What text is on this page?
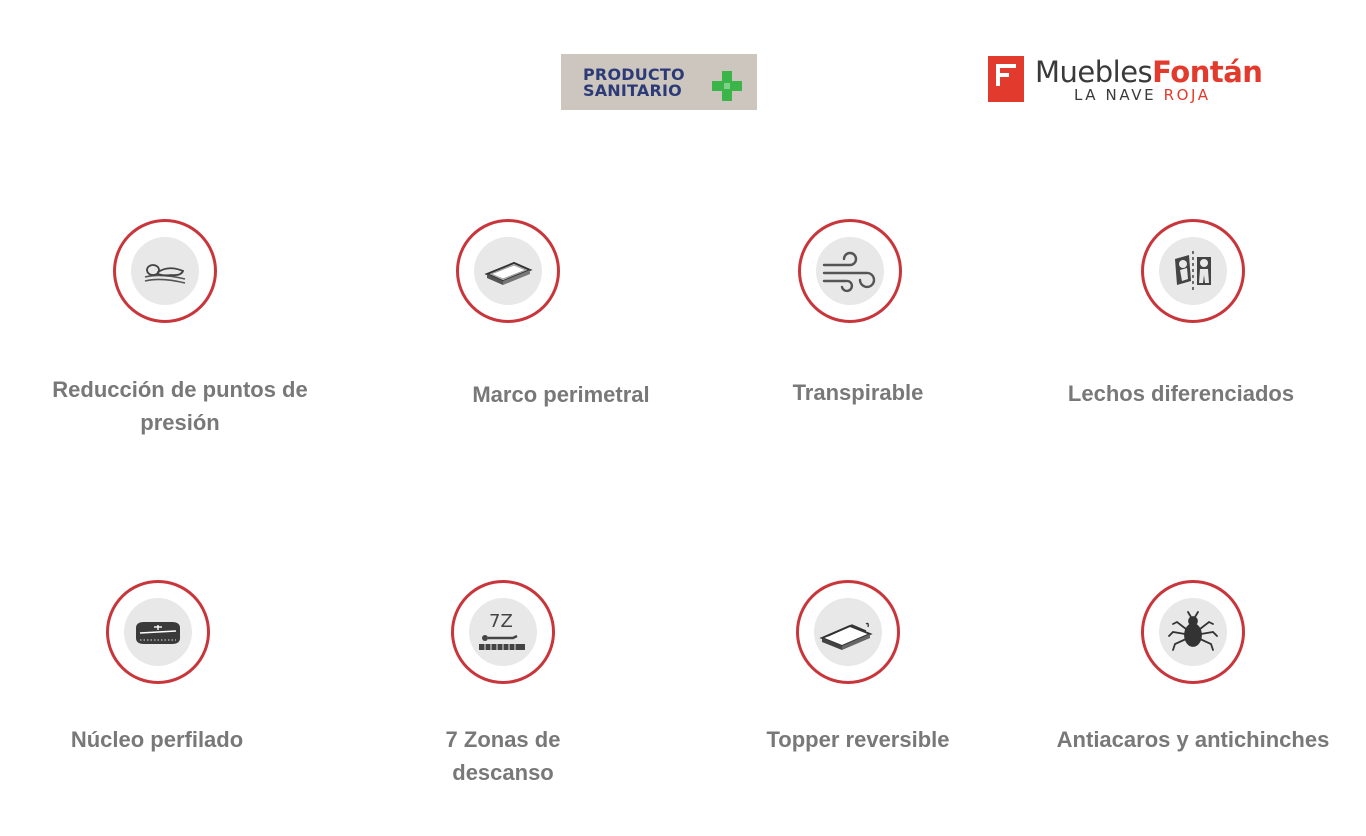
PRODUCTO
SANITARIO
MueblesFontán
LA NAVE ROJA
Reducción de puntos de presión
Marco perimetral	Transpirable	Lechos diferenciados
7Z
Núcleo perfilado	7 Zonas de descanso
Topper reversible	Antiacaros y antichinches
